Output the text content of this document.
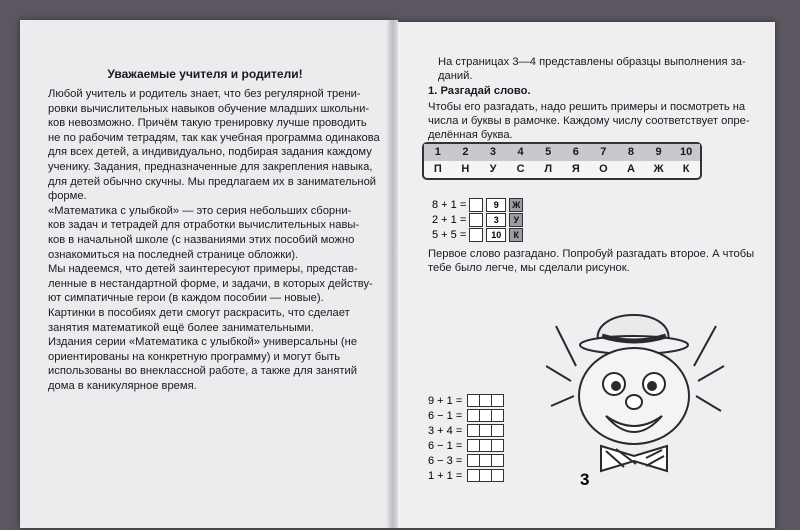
Уважаемые учителя и родители!
Любой учитель и родитель знает, что без регулярной трени-
ровки вычислительных навыков обучение младших школьни-
ков невозможно. Причём такую тренировку лучше проводить
не по рабочим тетрадям, так как учебная программа одинакова
для всех детей, а индивидуально, подбирая задания каждому
ученику. Задания, предназначенные для закрепления навыка,
для детей обычно скучны. Мы предлагаем их в занимательной
форме.
«Математика с улыбкой» — это серия небольших сборни-
ков задач и тетрадей для отработки вычислительных навы-
ков в начальной школе (с названиями этих пособий можно
ознакомиться на последней странице обложки).
Мы надеемся, что детей заинтересуют примеры, представ-
ленные в нестандартной форме, и задачи, в которых действу-
ют симпатичные герои (в каждом пособии — новые).
Картинки в пособиях дети смогут раскрасить, что сделает
занятия математикой ещё более занимательными.
Издания серии «Математика с улыбкой» универсальны (не
ориентированы на конкретную программу) и могут быть
использованы во внеклассной работе, а также для занятий
дома в каникулярное время.
На страницах 3—4 представлены образцы выполнения за-
даний.
1. Разгадай слово.
Чтобы его разгадать, надо решить примеры и посмотреть на
числа и буквы в рамочке. Каждому числу соответствует опре-
делённая буква.
1	2	3	4	5	6	7	8	9	10
П	Н	У	С	Л	Я	О	А	Ж	К
8 + 1 =	9	Ж
2 + 1 =	3	У
5 + 5 =	10	К
Первое слово разгадано. Попробуй разгадать второе. А чтобы
тебе было легче, мы сделали рисунок.
9 + 1 =
6 − 1 =
3 + 4 =
6 − 1 =
6 − 3 =
1 + 1 =	3
